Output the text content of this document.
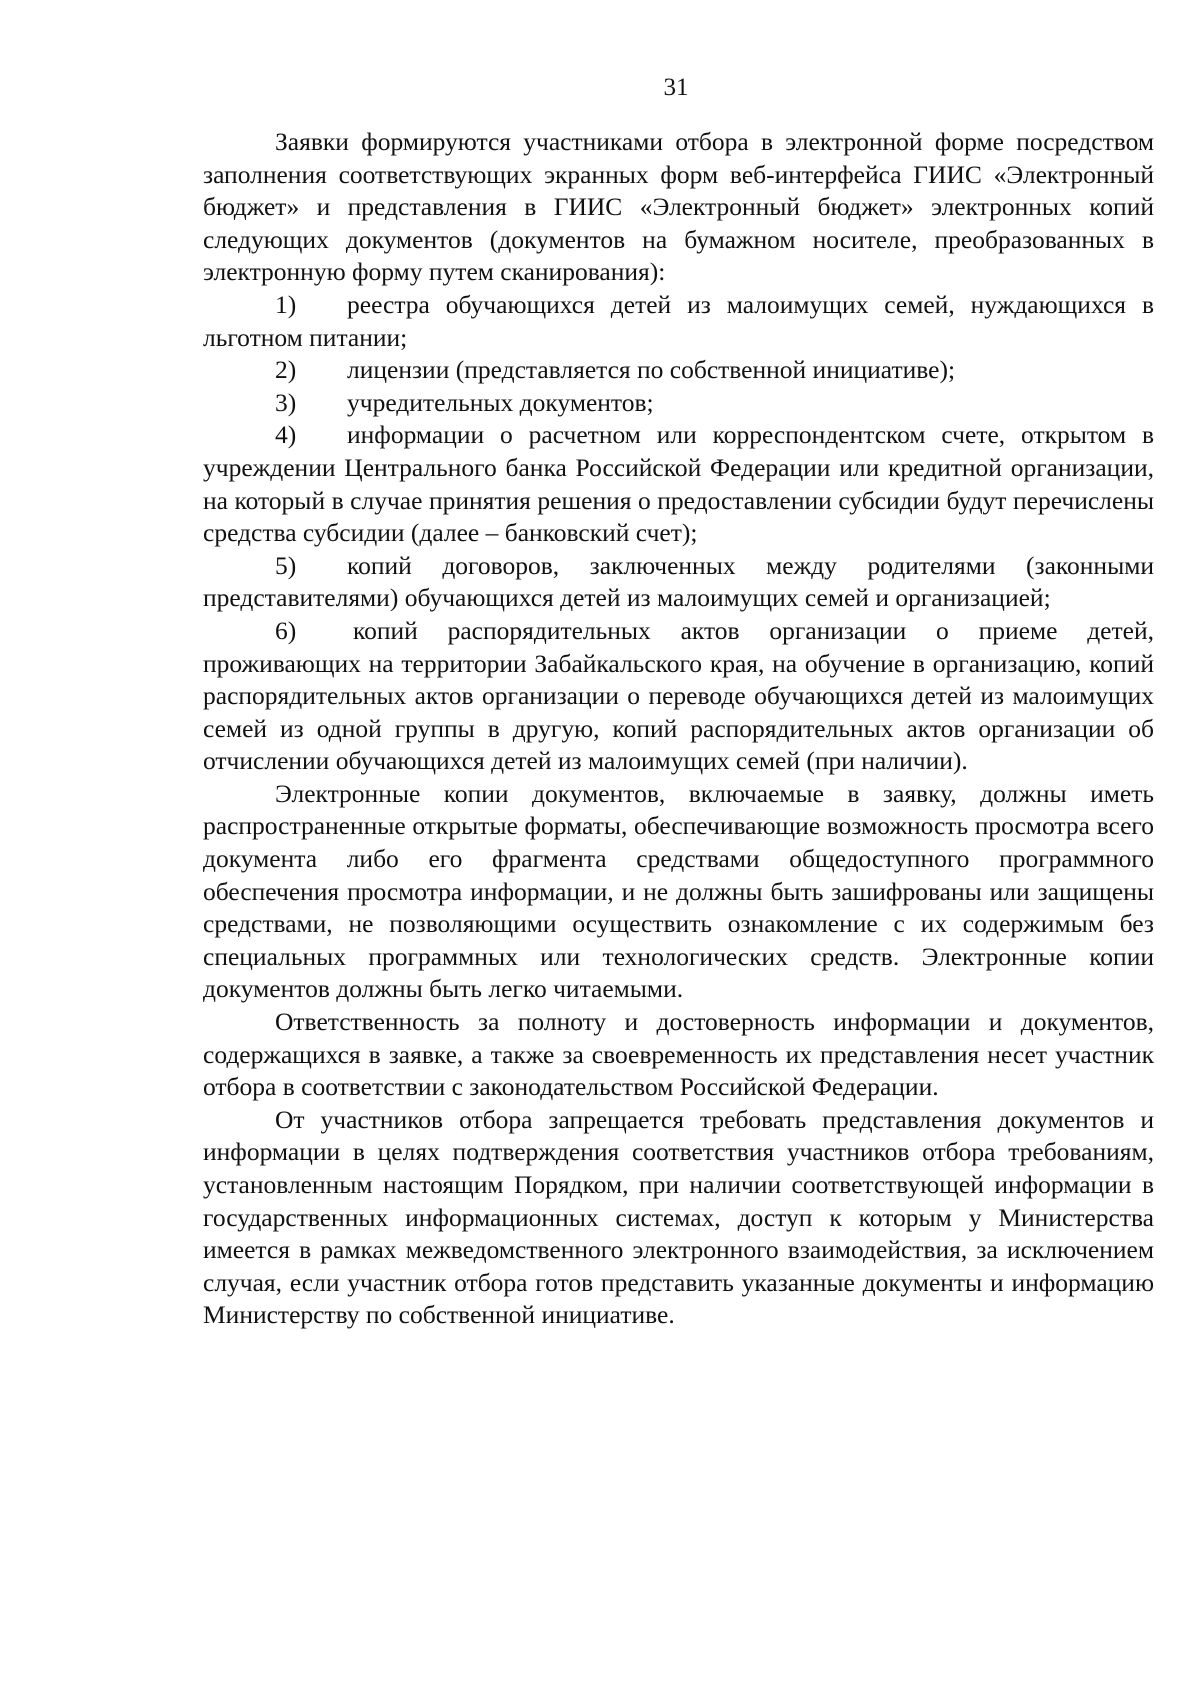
31

Заявки формируются участниками отбора в электронной форме посредством заполнения соответствующих экранных форм веб-интерфейса ГИИС «Электронный бюджет» и представления в ГИИС «Электронный бюджет» электронных копий следующих документов (документов на бумажном носителе, преобразованных в электронную форму путем сканирования):

1) реестра обучающихся детей из малоимущих семей, нуждающихся в льготном питании;

2) лицензии (представляется по собственной инициативе);

3) учредительных документов;

4) информации о расчетном или корреспондентском счете, открытом в учреждении Центрального банка Российской Федерации или кредитной организации, на который в случае принятия решения о предоставлении субсидии будут перечислены средства субсидии (далее – банковский счет);

5) копий договоров, заключенных между родителями (законными представителями) обучающихся детей из малоимущих семей и организацией;

6) копий распорядительных актов организации о приеме детей, проживающих на территории Забайкальского края, на обучение в организацию, копий распорядительных актов организации о переводе обучающихся детей из малоимущих семей из одной группы в другую, копий распорядительных актов организации об отчислении обучающихся детей из малоимущих семей (при наличии).

Электронные копии документов, включаемые в заявку, должны иметь распространенные открытые форматы, обеспечивающие возможность просмотра всего документа либо его фрагмента средствами общедоступного программного обеспечения просмотра информации, и не должны быть зашифрованы или защищены средствами, не позволяющими осуществить ознакомление с их содержимым без специальных программных или технологических средств. Электронные копии документов должны быть легко читаемыми.

Ответственность за полноту и достоверность информации и документов, содержащихся в заявке, а также за своевременность их представления несет участник отбора в соответствии с законодательством Российской Федерации.

От участников отбора запрещается требовать представления документов и информации в целях подтверждения соответствия участников отбора требованиям, установленным настоящим Порядком, при наличии соответствующей информации в государственных информационных системах, доступ к которым у Министерства имеется в рамках межведомственного электронного взаимодействия, за исключением случая, если участник отбора готов представить указанные документы и информацию Министерству по собственной инициативе.
